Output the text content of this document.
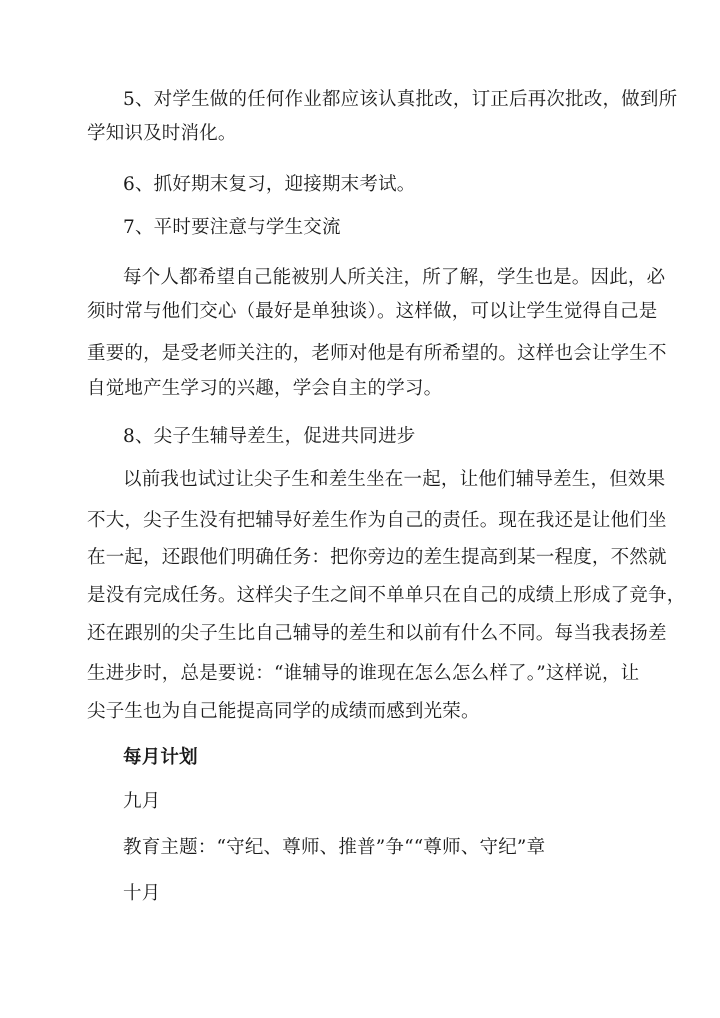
5、对学生做的任何作业都应该认真批改，订正后再次批改，做到所
学知识及时消化。
6、抓好期末复习，迎接期末考试。
7、平时要注意与学生交流
每个人都希望自己能被别人所关注，所了解，学生也是。因此，必
须时常与他们交心（最好是单独谈）。这样做，可以让学生觉得自己是
重要的，是受老师关注的，老师对他是有所希望的。这样也会让学生不
自觉地产生学习的兴趣，学会自主的学习。
8、尖子生辅导差生，促进共同进步
以前我也试过让尖子生和差生坐在一起，让他们辅导差生，但效果
不大，尖子生没有把辅导好差生作为自己的责任。现在我还是让他们坐
在一起，还跟他们明确任务：把你旁边的差生提高到某一程度，不然就
是没有完成任务。这样尖子生之间不单单只在自己的成绩上形成了竞争，
还在跟别的尖子生比自己辅导的差生和以前有什么不同。每当我表扬差
生进步时，总是要说：“谁辅导的谁现在怎么怎么样了。”这样说，让
尖子生也为自己能提高同学的成绩而感到光荣。
每月计划
九月
教育主题：“守纪、尊师、推普”争““尊师、守纪”章
十月
